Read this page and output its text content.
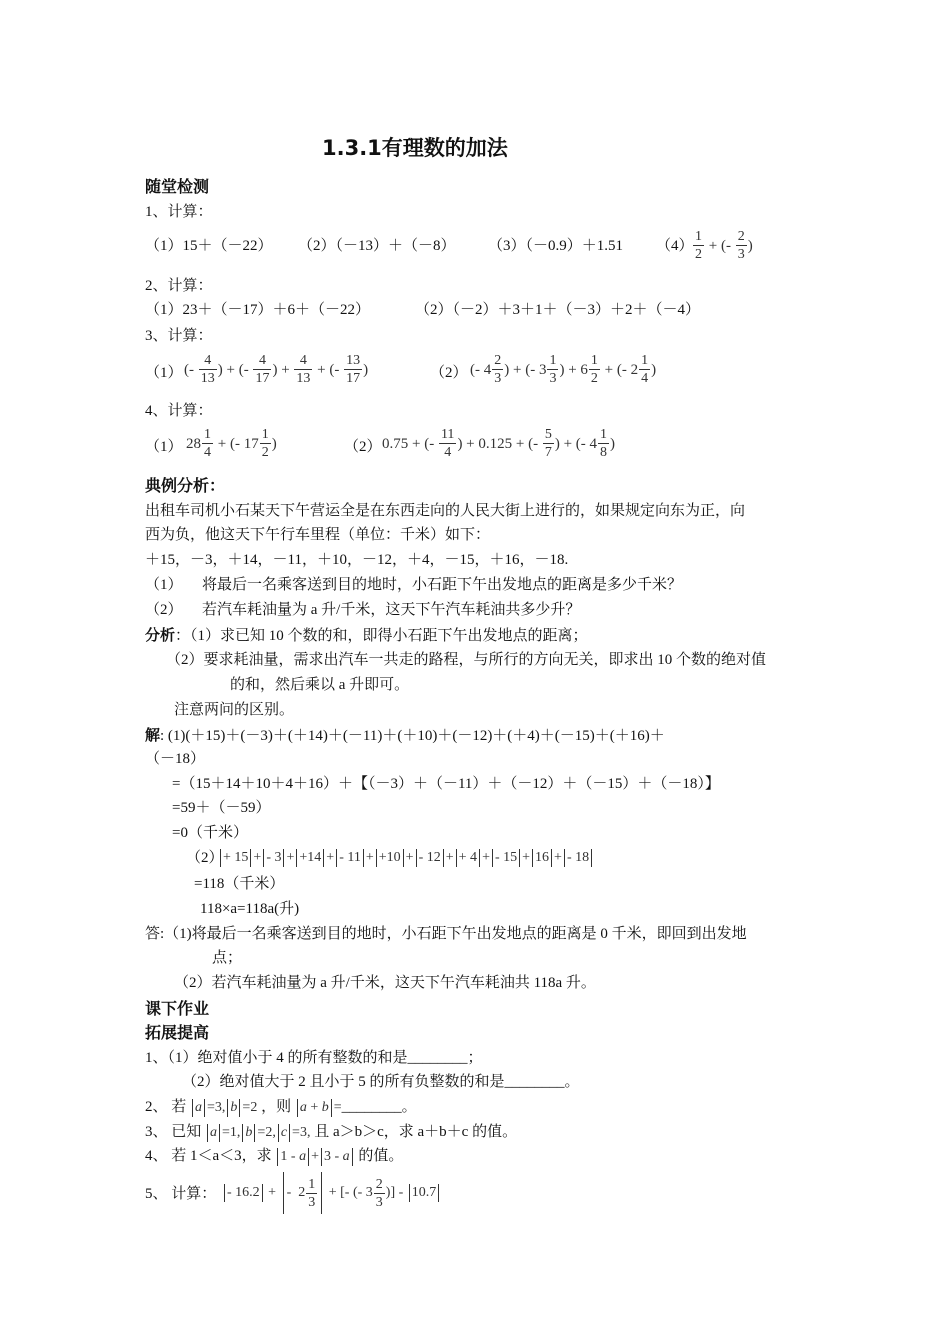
1.3.1有理数的加法
随堂检测
1、计算：
（1）15＋（－22） （2）（－13）＋（－8） （3）（－0.9）＋1.51 $(4) \frac{1}{2}$ + (- $\frac{2}{3}$ )
2、计算：
（1）23＋（－17）＋6＋（－22）	（2）（－2）＋3＋1＋（－3）＋2＋（－4）
3、计算：
（1） (- $\frac{4}{13}$ ) + (- $\frac{4}{17}$ ) + $\frac{4}{13}$ + (- $\frac{13}{17}$ )	（2） (- $4 \frac{2}{3}$ ) + (- $3 \frac{1}{3}$ ) + $6 \frac{1}{2}$ + (- $2 \frac{1}{4}$ )
4、计算：
（1） $28 \frac{1}{4}$ + (- $17 \frac{1}{2}$ )	（2） 0.75 + (- $\frac{11}{4}$ ) + 0.125 + (- $\frac{5}{7}$ ) + (- $4 \frac{1}{8}$ )
典例分析：
出租车司机小石某天下午营运全是在东西走向的人民大街上进行的，如果规定向东为正，向
西为负，他这天下午行车里程（单位：千米）如下：
＋15，－3，＋14，－11，＋10，－12，＋4，－15，＋16，－18.
（1） 将最后一名乘客送到目的地时，小石距下午出发地点的距离是多少千米？
（2） 若汽车耗油量为 a 升/千米，这天下午汽车耗油共多少升？
分析：（1）求已知 10 个数的和，即得小石距下午出发地点的距离；
（2）要求耗油量，需求出汽车一共走的路程，与所行的方向无关，即求出 10 个数的绝对值
的和，然后乘以 a 升即可。
注意两问的区别。
解: (1)(＋15)＋(－3)＋(＋14)＋(－11)＋(＋10)＋(－12)＋(＋4)＋(－15)＋(＋16)＋
（－18）
=（15＋14＋10＋4＋16）＋【（－3）＋（－11）＋（－12）＋（－15）＋（－18）】
=59＋（－59）
=0（千米）
（2） + 15 + - 3 + +14 + - 11 + +10 + - 12 + + 4 + - 15 + 16 + - 18
=118（千米）
118×a=118a(升)
答:（1)将最后一名乘客送到目的地时，小石距下午出发地点的距离是 0 千米，即回到出发地
点；
（2）若汽车耗油量为 a 升/千米，这天下午汽车耗油共 118a 升。
课下作业
拓展提高
1、（1）绝对值小于 4 的所有整数的和是________；
（2）绝对值大于 2 且小于 5 的所有负整数的和是________。
2、 若 a =3, b =2 ，则 a + b =________。
3、 已知 a =1, b =2, c =3, 且 a＞b＞c，求 a＋b＋c 的值。
4、 若 1＜a＜3，求 1 - a + 3 - a 的值。
5、 计算： - 16.2 + -  $2 \frac{1}{3}$ + [- (- $3 \frac{2}{3}$ )] - 10.7
